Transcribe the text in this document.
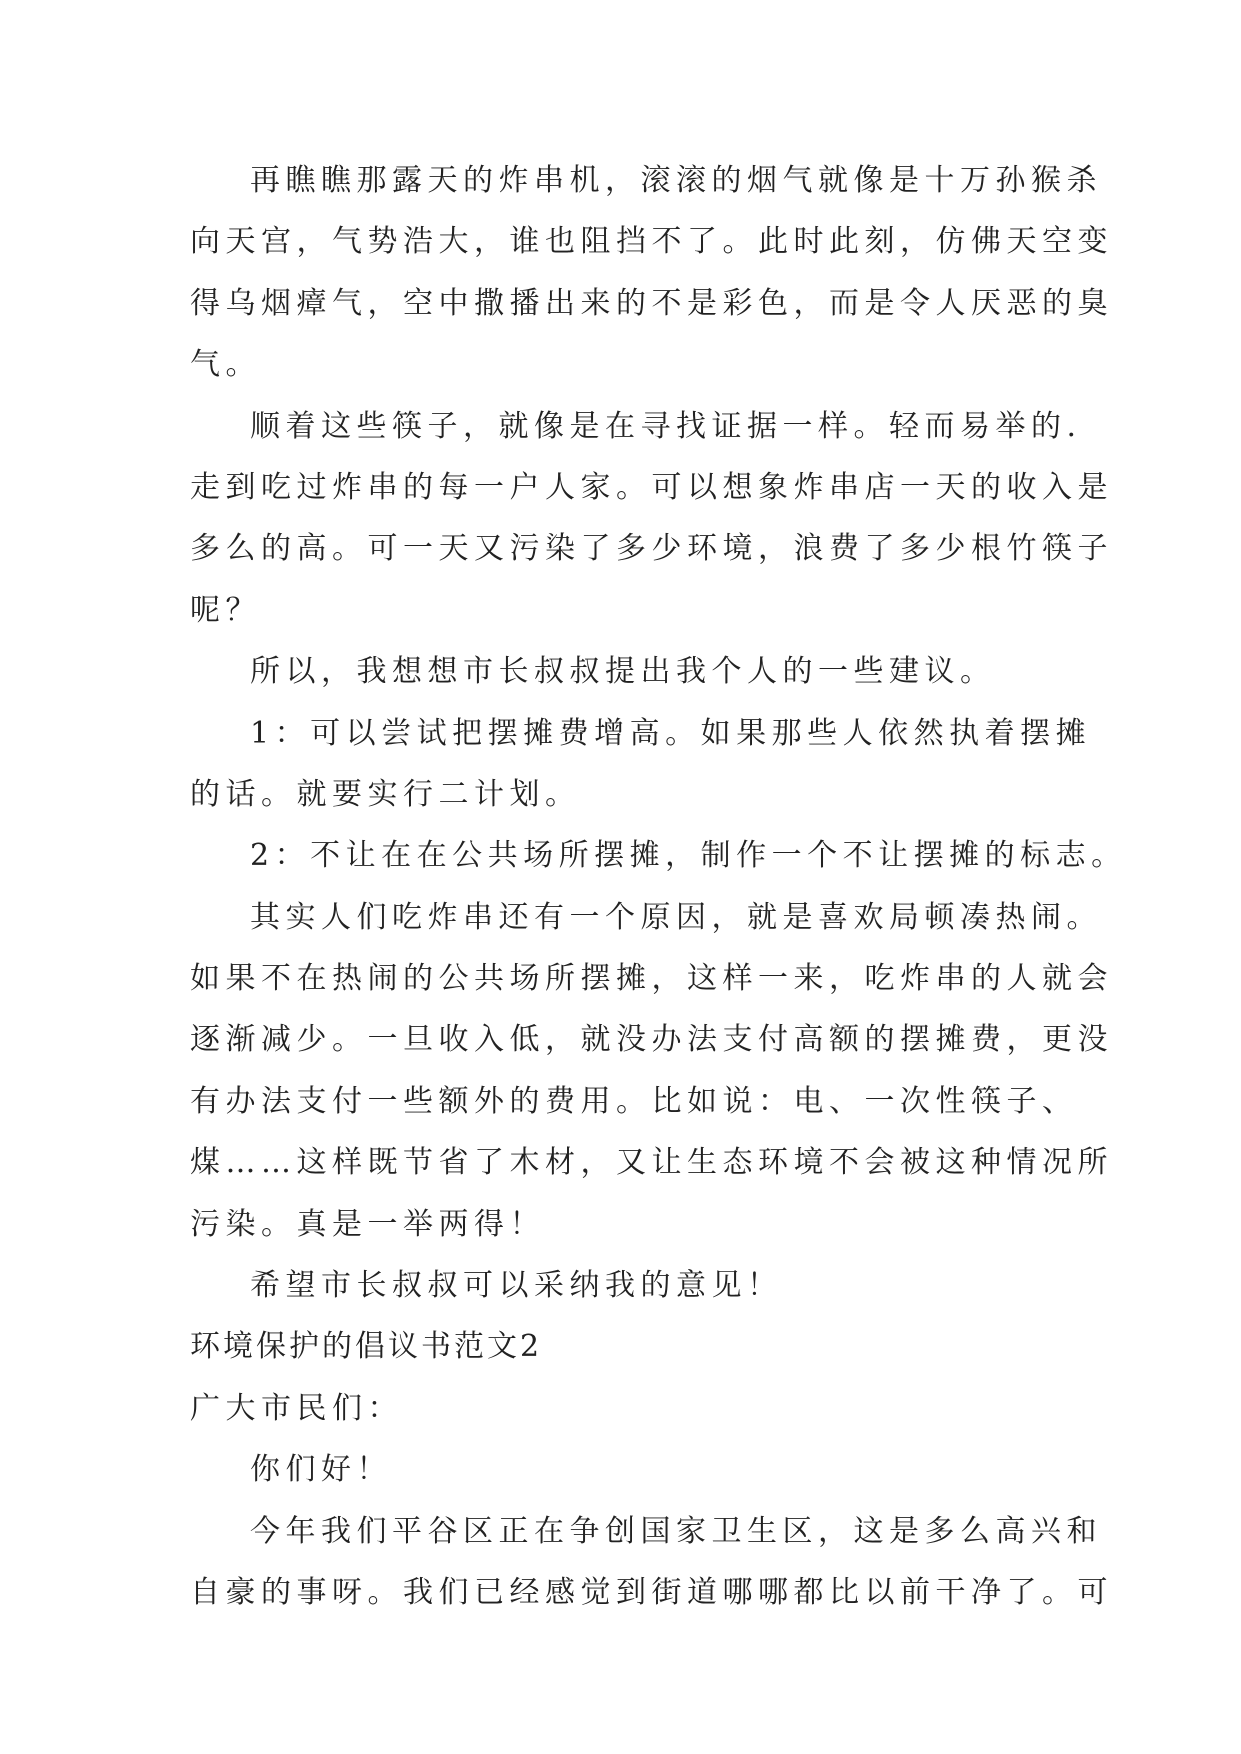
再瞧瞧那露天的炸串机，滚滚的烟气就像是十万孙猴杀
向天宫，气势浩大，谁也阻挡不了。此时此刻，仿佛天空变
得乌烟瘴气，空中撒播出来的不是彩色，而是令人厌恶的臭
气。
顺着这些筷子，就像是在寻找证据一样。轻而易举的.
走到吃过炸串的每一户人家。可以想象炸串店一天的收入是
多么的高。可一天又污染了多少环境，浪费了多少根竹筷子
呢？
所以，我想想市长叔叔提出我个人的一些建议。
1：可以尝试把摆摊费增高。如果那些人依然执着摆摊
的话。就要实行二计划。
2：不让在在公共场所摆摊，制作一个不让摆摊的标志。
其实人们吃炸串还有一个原因，就是喜欢局顿凑热闹。
如果不在热闹的公共场所摆摊，这样一来，吃炸串的人就会
逐渐减少。一旦收入低，就没办法支付高额的摆摊费，更没
有办法支付一些额外的费用。比如说：电、一次性筷子、
煤……这样既节省了木材，又让生态环境不会被这种情况所
污染。真是一举两得！
希望市长叔叔可以采纳我的意见！
环境保护的倡议书范文2
广大市民们：
你们好！
今年我们平谷区正在争创国家卫生区，这是多么高兴和
自豪的事呀。我们已经感觉到街道哪哪都比以前干净了。可
